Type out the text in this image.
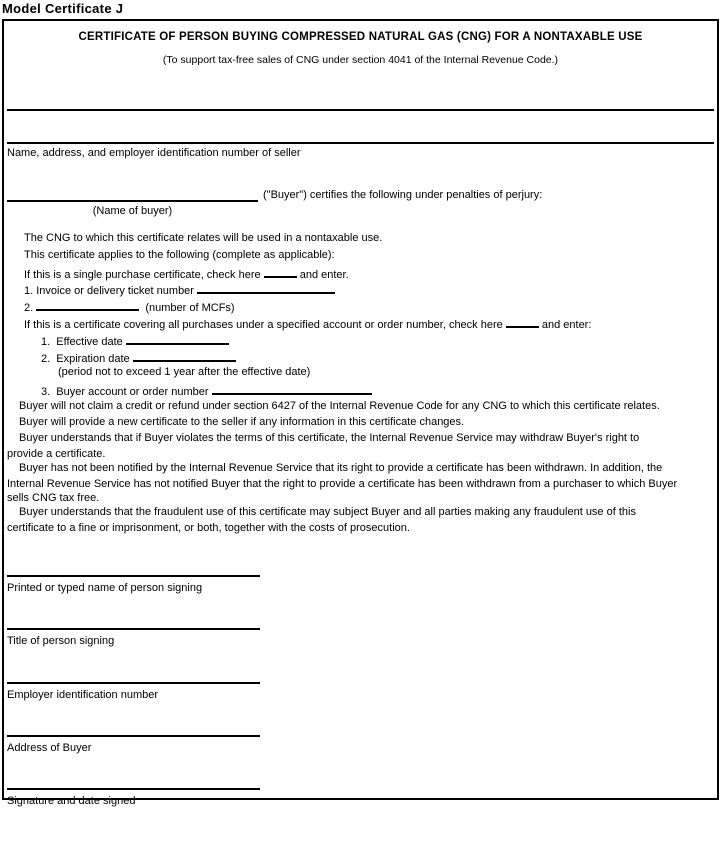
Model Certificate J
CERTIFICATE OF PERSON BUYING COMPRESSED NATURAL GAS (CNG) FOR A NONTAXABLE USE
(To support tax-free sales of CNG under section 4041 of the Internal Revenue Code.)
Name, address, and employer identification number of seller
(Name of buyer)
("Buyer") certifies the following under penalties of perjury:
The CNG to which this certificate relates will be used in a nontaxable use.
This certificate applies to the following (complete as applicable):
If this is a single purchase certificate, check here	and enter.
1. Invoice or delivery ticket number
2.	(number of MCFs)
If this is a certificate covering all purchases under a specified account or order number, check here	and enter:
1.  Effective date
2.  Expiration date
(period not to exceed 1 year after the effective date)
3.  Buyer account or order number
Buyer will not claim a credit or refund under section 6427 of the Internal Revenue Code for any CNG to which this certificate relates.
Buyer will provide a new certificate to the seller if any information in this certificate changes.
Buyer understands that if Buyer violates the terms of this certificate, the Internal Revenue Service may withdraw Buyer's right to
provide a certificate.
Buyer has not been notified by the Internal Revenue Service that its right to provide a certificate has been withdrawn. In addition, the
Internal Revenue Service has not notified Buyer that the right to provide a certificate has been withdrawn from a purchaser to which Buyer
sells CNG tax free.
Buyer understands that the fraudulent use of this certificate may subject Buyer and all parties making any fraudulent use of this
certificate to a fine or imprisonment, or both, together with the costs of prosecution.
Printed or typed name of person signing
Title of person signing
Employer identification number
Address of Buyer
Signature and date signed
